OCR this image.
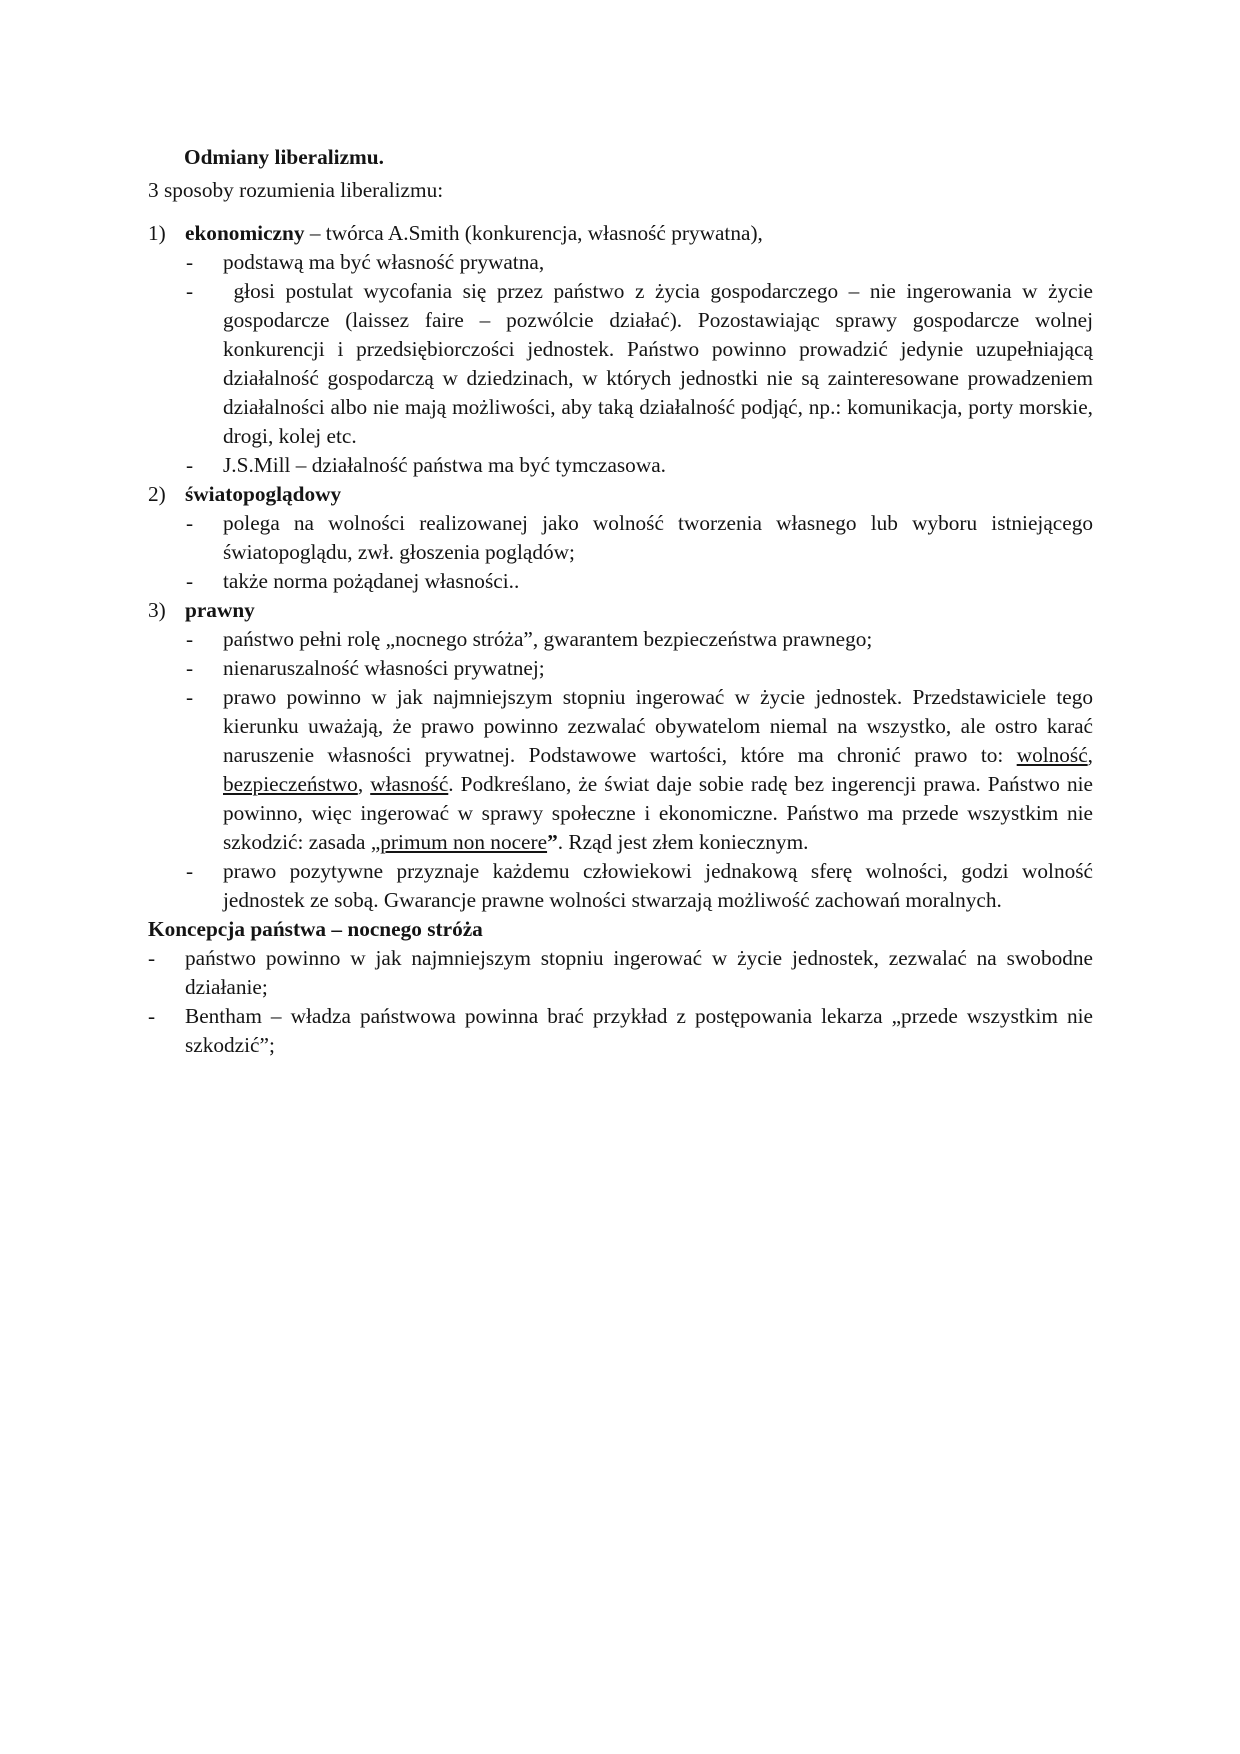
Odmiany liberalizmu.
3 sposoby rozumienia liberalizmu:
1) ekonomiczny – twórca A.Smith (konkurencja, własność prywatna),
-	podstawą ma być własność prywatna,
-	głosi postulat wycofania się przez państwo z życia gospodarczego – nie ingerowania w życie gospodarcze (laissez faire – pozwólcie działać). Pozostawiając sprawy gospodarcze wolnej konkurencji i przedsiębiorczości jednostek. Państwo powinno prowadzić jedynie uzupełniającą działalność gospodarczą w dziedzinach, w których jednostki nie są zainteresowane prowadzeniem działalności albo nie mają możliwości, aby taką działalność podjąć, np.: komunikacja, porty morskie, drogi, kolej etc.
-	J.S.Mill – działalność państwa ma być tymczasowa.
2) światopoglądowy
-	polega na wolności realizowanej jako wolność tworzenia własnego lub wyboru istniejącego światopoglądu, zwł. głoszenia poglądów;
-	także norma pożądanej własności..
3) prawny
-	państwo pełni rolę „nocnego stróża”, gwarantem bezpieczeństwa prawnego;
-	nienaruszalność własności prywatnej;
-	prawo powinno w jak najmniejszym stopniu ingerować w życie jednostek. Przedstawiciele tego kierunku uważają, że prawo powinno zezwalać obywatelom niemal na wszystko, ale ostro karać naruszenie własności prywatnej. Podstawowe wartości, które ma chronić prawo to: wolność, bezpieczeństwo, własność. Podkreślano, że świat daje sobie radę bez ingerencji prawa. Państwo nie powinno, więc ingerować w sprawy społeczne i ekonomiczne. Państwo ma przede wszystkim nie szkodzić: zasada „primum non nocere”. Rząd jest złem koniecznym.
-	prawo pozytywne przyznaje każdemu człowiekowi jednakową sferę wolności, godzi wolność jednostek ze sobą. Gwarancje prawne wolności stwarzają możliwość zachowań moralnych.
Koncepcja państwa – nocnego stróża
-	państwo powinno w jak najmniejszym stopniu ingerować w życie jednostek, zezwalać na swobodne działanie;
-	Bentham – władza państwowa powinna brać przykład z postępowania lekarza „przede wszystkim nie szkodzić”;
